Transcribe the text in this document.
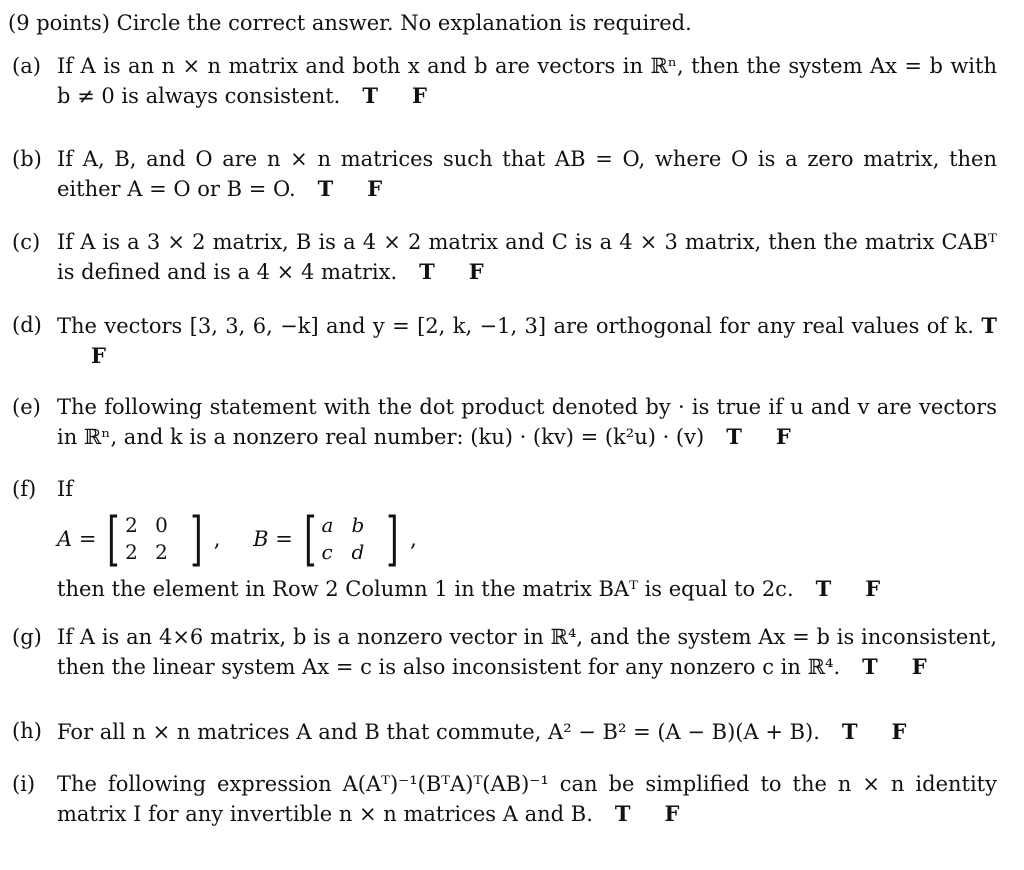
(9 points) Circle the correct answer. No explanation is required.
(a) If A is an n × n matrix and both x and b are vectors in ℝⁿ, then the system Ax = b with b ≠ 0 is always consistent. T F
(b) If A, B, and O are n × n matrices such that AB = O, where O is a zero matrix, then either A = O or B = O. T F
(c) If A is a 3 × 2 matrix, B is a 4 × 2 matrix and C is a 4 × 3 matrix, then the matrix CABᵀ is defined and is a 4 × 4 matrix. T F
(d) The vectors [3, 3, 6, −k] and y = [2, k, −1, 3] are orthogonal for any real values of k. TF
(e) The following statement with the dot product denoted by · is true if u and v are vectors in ℝⁿ, and k is a nonzero real number: (ku) · (kv) = (k²u) · (v) T F
(f) If
A = [ 2 0
2 2 ] ,
B = [ a b
c d ] ,
then the element in Row 2 Column 1 in the matrix BAᵀ is equal to 2c. T F
(g) If A is an 4×6 matrix, b is a nonzero vector in ℝ⁴, and the system Ax = b is inconsistent, then the linear system Ax = c is also inconsistent for any nonzero c in ℝ⁴. T F
(h) For all n × n matrices A and B that commute, A² − B² = (A − B)(A + B). T F
(i) The following expression A(Aᵀ)⁻¹(BᵀA)ᵀ(AB)⁻¹ can be simplified to the n × n identity matrix I for any invertible n × n matrices A and B. T F
